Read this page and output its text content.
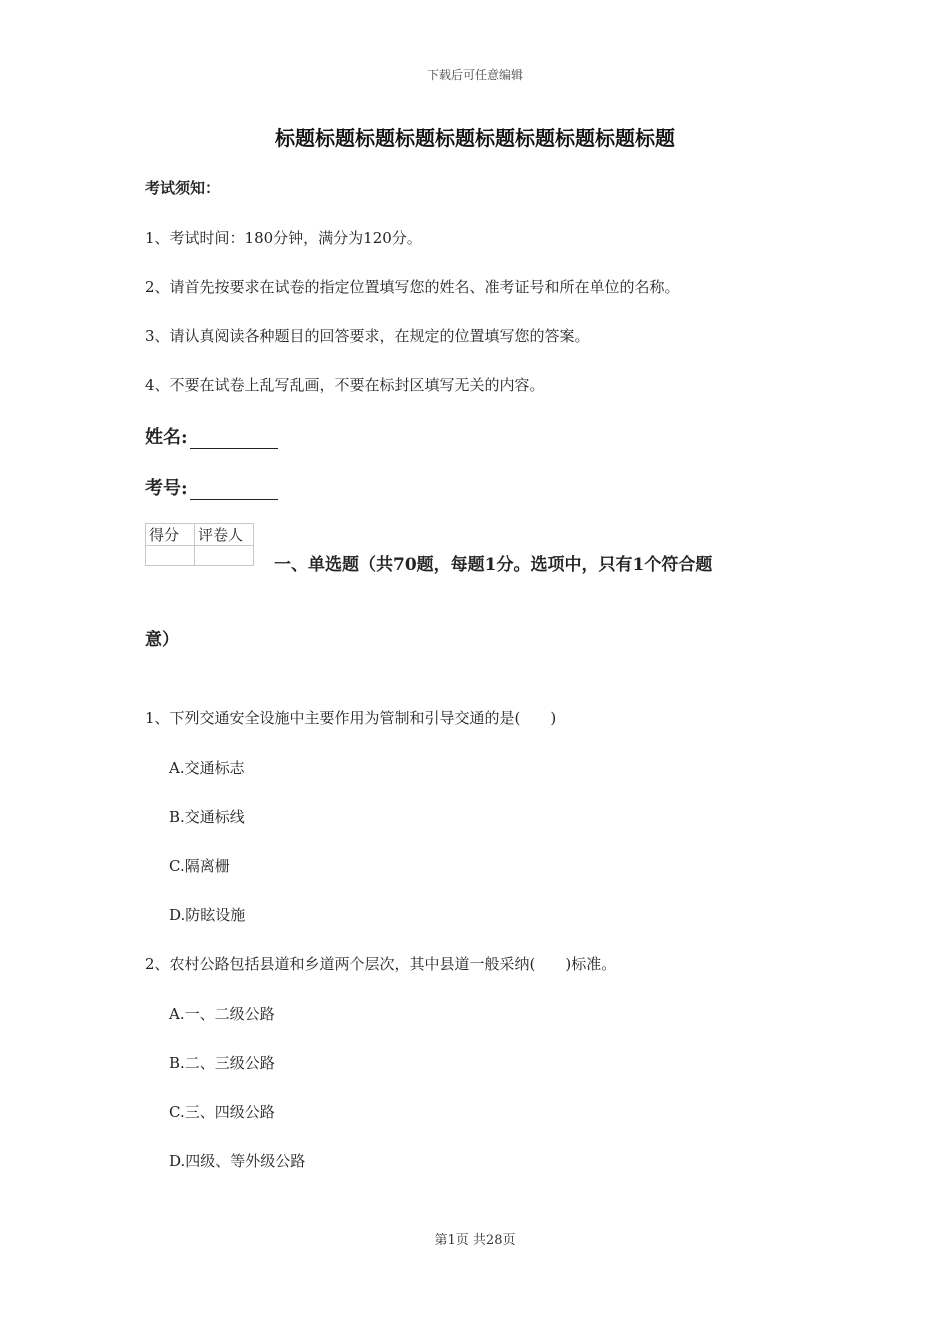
下载后可任意编辑
标题标题标题标题标题标题标题标题标题标题
考试须知：
1、考试时间：180分钟，满分为120分。
2、请首先按要求在试卷的指定位置填写您的姓名、准考证号和所在单位的名称。
3、请认真阅读各种题目的回答要求，在规定的位置填写您的答案。
4、不要在试卷上乱写乱画，不要在标封区填写无关的内容。
姓名:
考号:
得分	评卷人

一、单选题（共70题，每题1分。选项中，只有1个符合题
意）
1、下列交通安全设施中主要作用为管制和引导交通的是(　　)
A.交通标志
B.交通标线
C.隔离栅
D.防眩设施
2、农村公路包括县道和乡道两个层次，其中县道一般采纳(　　)标准。
A.一、二级公路
B.二、三级公路
C.三、四级公路
D.四级、等外级公路
第1页 共28页
